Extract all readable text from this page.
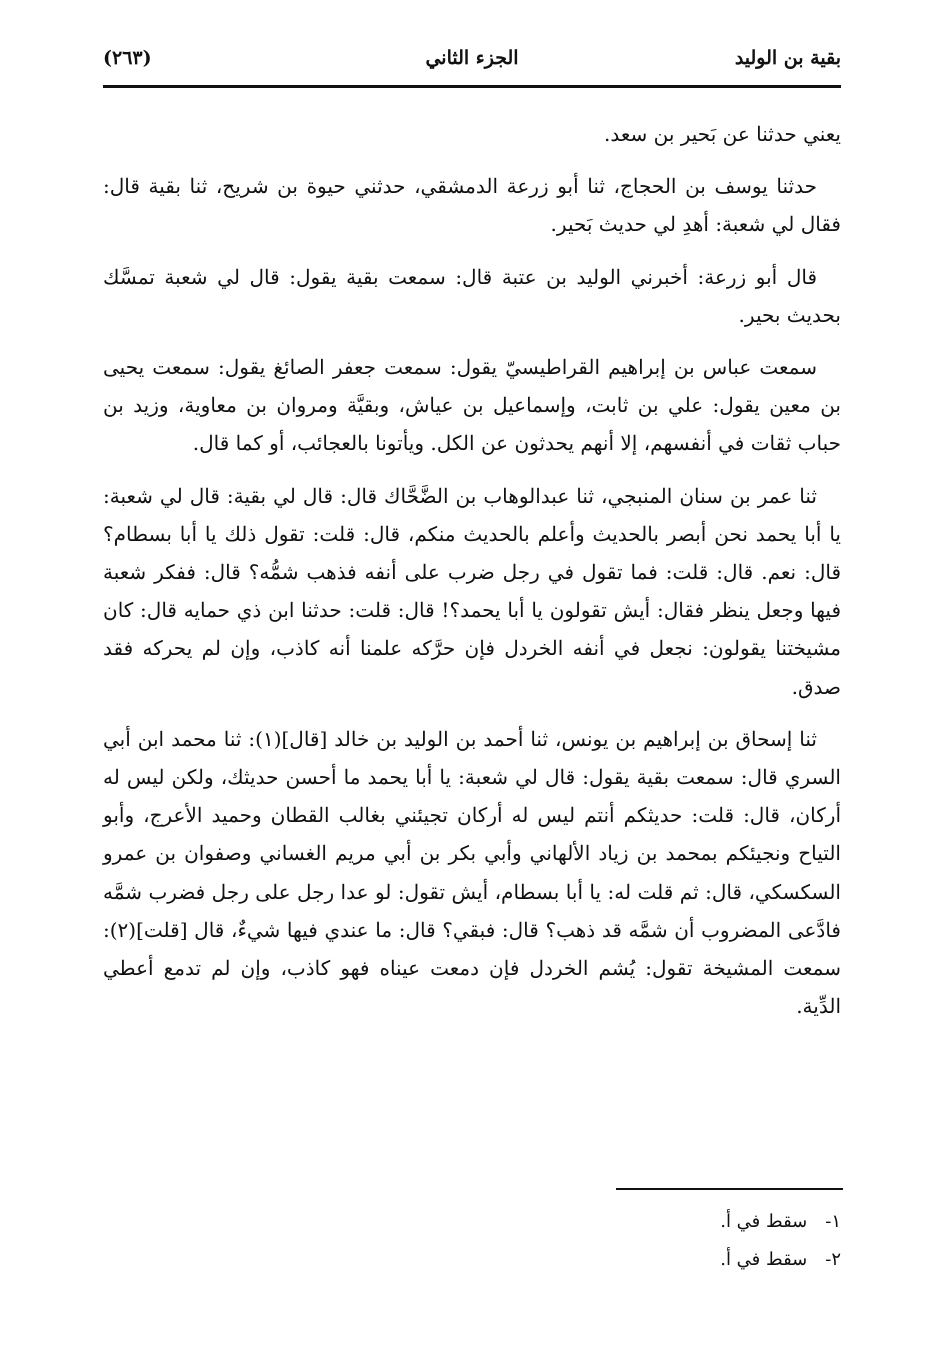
بقية بن الوليد
الجزء الثاني
(٢٦٣)

يعني حدثنا عن بَحير بن سعد.

حدثنا يوسف بن الحجاج، ثنا أبو زرعة الدمشقي، حدثني حيوة بن شريح، ثنا بقية قال: فقال لي شعبة: أهدِ لي حديث بَحير.

قال أبو زرعة: أخبرني الوليد بن عتبة قال: سمعت بقية يقول: قال لي شعبة تمسَّك بحديث بحير.

سمعت عباس بن إبراهيم القراطيسيّ يقول: سمعت جعفر الصائغ يقول: سمعت يحيى بن معين يقول: علي بن ثابت، وإسماعيل بن عياش، وبقيَّة ومروان بن معاوية، وزيد بن حباب ثقات في أنفسهم، إلا أنهم يحدثون عن الكل. ويأتونا بالعجائب، أو كما قال.

ثنا عمر بن سنان المنبجي، ثنا عبدالوهاب بن الضَّحَّاك قال: قال لي بقية: قال لي شعبة: يا أبا يحمد نحن أبصر بالحديث وأعلم بالحديث منكم، قال: قلت: تقول ذلك يا أبا بسطام؟ قال: نعم. قال: قلت: فما تقول في رجل ضرب على أنفه فذهب شمُّه؟ قال: ففكر شعبة فيها وجعل ينظر فقال: أيش تقولون يا أبا يحمد؟! قال: قلت: حدثنا ابن ذي حمايه قال: كان مشيختنا يقولون: نجعل في أنفه الخردل فإن حرَّكه علمنا أنه كاذب، وإن لم يحركه فقد صدق.

ثنا إسحاق بن إبراهيم بن يونس، ثنا أحمد بن الوليد بن خالد [قال](١): ثنا محمد ابن أبي السري قال: سمعت بقية يقول: قال لي شعبة: يا أبا يحمد ما أحسن حديثك، ولكن ليس له أركان، قال: قلت: حديثكم أنتم ليس له أركان تجيئني بغالب القطان وحميد الأعرج، وأبو التياح ونجيئكم بمحمد بن زياد الألهاني وأبي بكر بن أبي مريم الغساني وصفوان بن عمرو السكسكي، قال: ثم قلت له: يا أبا بسطام، أيش تقول: لو عدا رجل على رجل فضرب شمَّه فادَّعى المضروب أن شمَّه قد ذهب؟ قال: فبقي؟ قال: ما عندي فيها شيءٌ، قال [قلت](٢): سمعت المشيخة تقول: يُشم الخردل فإن دمعت عيناه فهو كاذب، وإن لم تدمع أعطي الدِّية.

١- سقط في أ.

٢- سقط في أ.
